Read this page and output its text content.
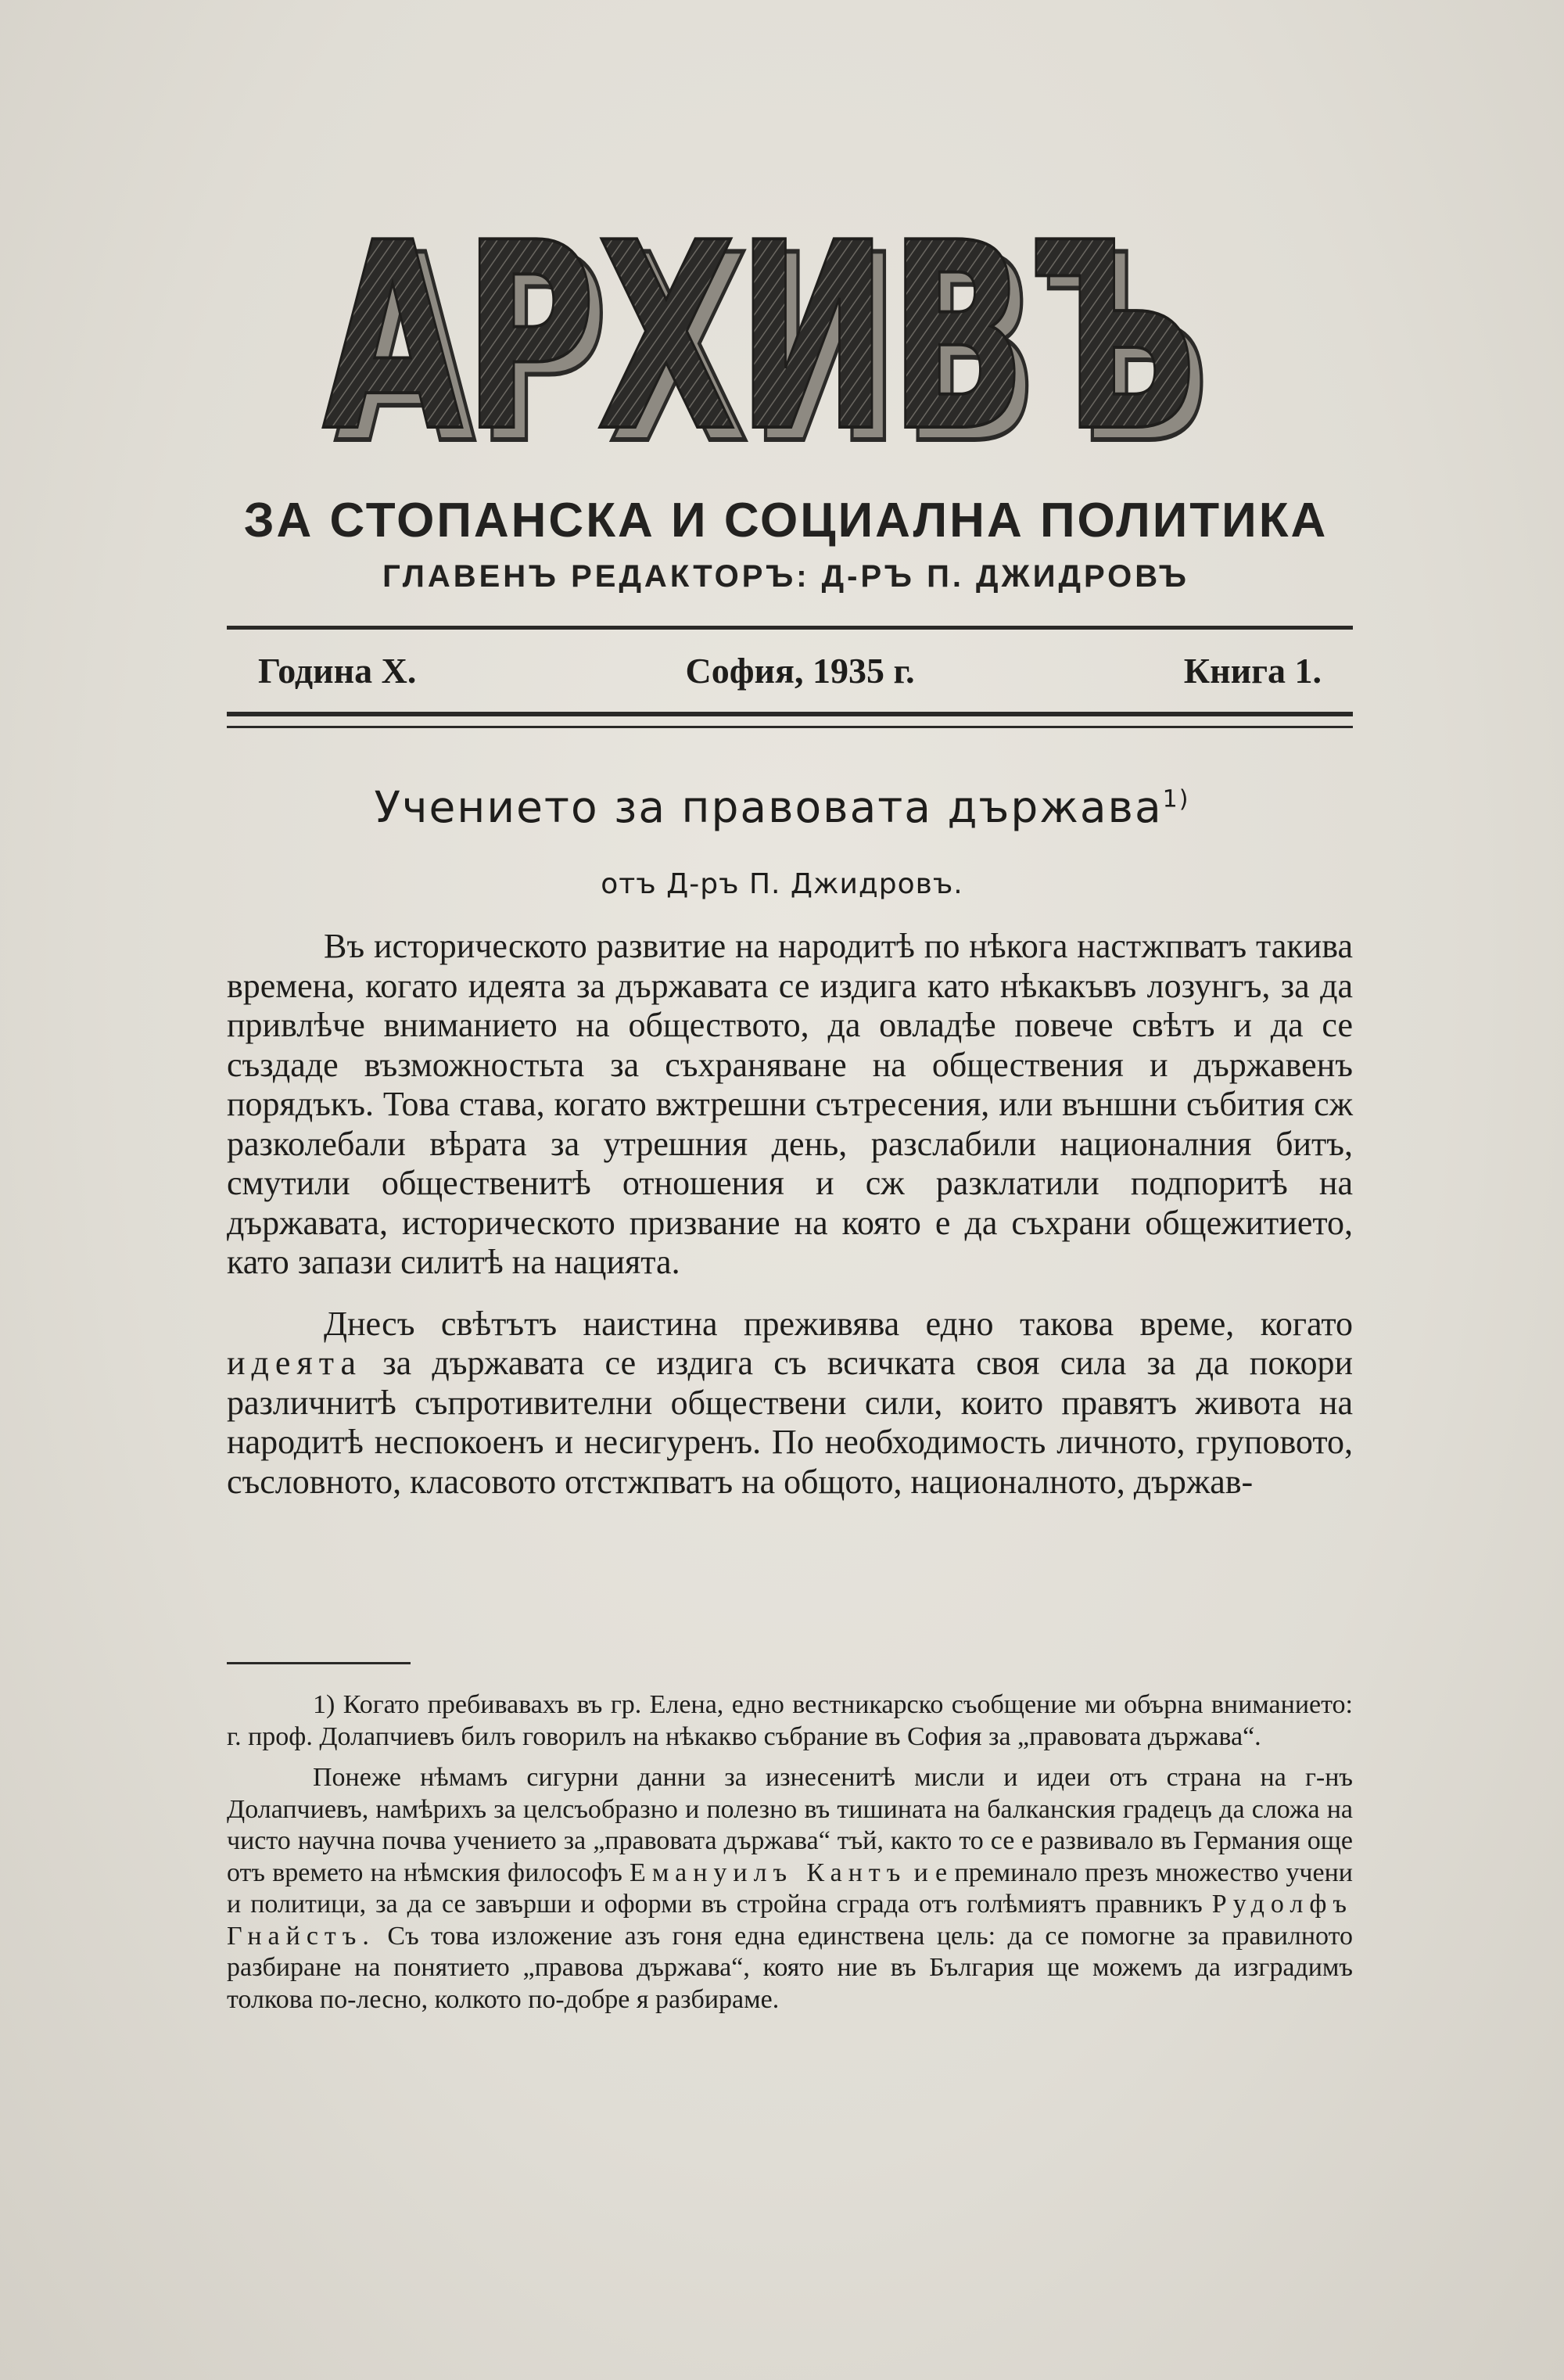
АРХИВЪ
АРХИВЪ
ЗА СТОПАНСКА И СОЦИАЛНА ПОЛИТИКА
ГЛАВЕНЪ РЕДАКТОРЪ: Д-РЪ П. ДЖИДРОВЪ
Година X.	София, 1935 г.	Книга 1.
Учението за правовата държава$^{1)}$
отъ Д-ръ П. Джидровъ.

Въ историческото развитие на народитѣ по нѣкога настжпватъ такива времена, когато идеята за държавата се издига като нѣкакъвъ лозунгъ, за да привлѣче вниманието на обществото, да овладѣе повече свѣтъ и да се създаде възможностьта за съхраняване на обществения и държавенъ порядъкъ. Това става, когато вжтрешни сътресения, или външни събития сж разколебали вѣрата за утрешния день, разслабили националния битъ, смутили общественитѣ отношения и сж разклатили подпоритѣ на държавата, историческото призвание на която е да съхрани общежитието, като запази силитѣ на нацията.

Днесъ свѣтътъ наистина преживява едно такова време, когато идеята за държавата се издига съ всичката своя сила за да покори различнитѣ съпротивителни обществени сили, които правятъ живота на народитѣ неспокоенъ и несигуренъ. По необходимость личното, груповото, съсловното, класовото отстжпватъ на общото, националното, държав-

1) Когато пребивавахъ въ гр. Елена, едно вестникарско съобщение ми обърна вниманието: г. проф. Долапчиевъ билъ говорилъ на нѣкакво събрание въ София за „правовата държава“.

Понеже нѣмамъ сигурни данни за изнесенитѣ мисли и идеи отъ страна на г-нъ Долапчиевъ, намѣрихъ за целсъобразно и полезно въ тишината на балканския градецъ да сложа на чисто научна почва учението за „правовата държава“ тъй, както то се е развивало въ Германия още отъ времето на нѣмския философъ Емануилъ Кантъ и е преминало презъ множество учени и политици, за да се завърши и оформи въ стройна сграда отъ голѣмиятъ правникъ Рудолфъ Гнайстъ. Съ това изложение азъ гоня една единствена цель: да се помогне за правилното разбиране на понятието „правова държава“, която ние въ България ще можемъ да изградимъ толкова по-лесно, колкото по-добре я разбираме.
